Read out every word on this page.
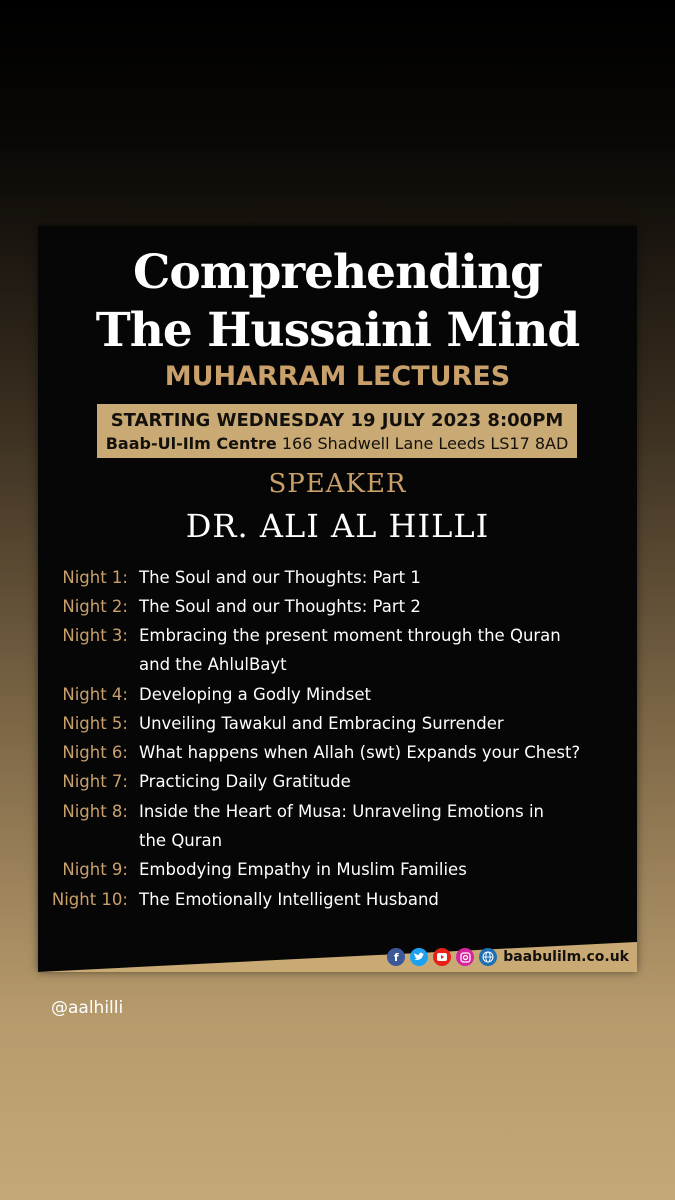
Comprehending
The Hussaini Mind
MUHARRAM LECTURES
STARTING WEDNESDAY 19 JULY 2023 8:00PM
Baab-Ul-Ilm Centre 166 Shadwell Lane Leeds LS17 8AD
SPEAKER
DR. ALI AL HILLI
Night 1: The Soul and our Thoughts: Part 1
Night 2: The Soul and our Thoughts: Part 2
Night 3: Embracing the present moment through the Quran
and the AhlulBayt
Night 4: Developing a Godly Mindset
Night 5: Unveiling Tawakul and Embracing Surrender
Night 6: What happens when Allah (swt) Expands your Chest?
Night 7: Practicing Daily Gratitude
Night 8: Inside the Heart of Musa: Unraveling Emotions in
the Quran
Night 9: Embodying Empathy in Muslim Families
Night 10: The Emotionally Intelligent Husband
f	baabulilm.co.uk
@aalhilli
